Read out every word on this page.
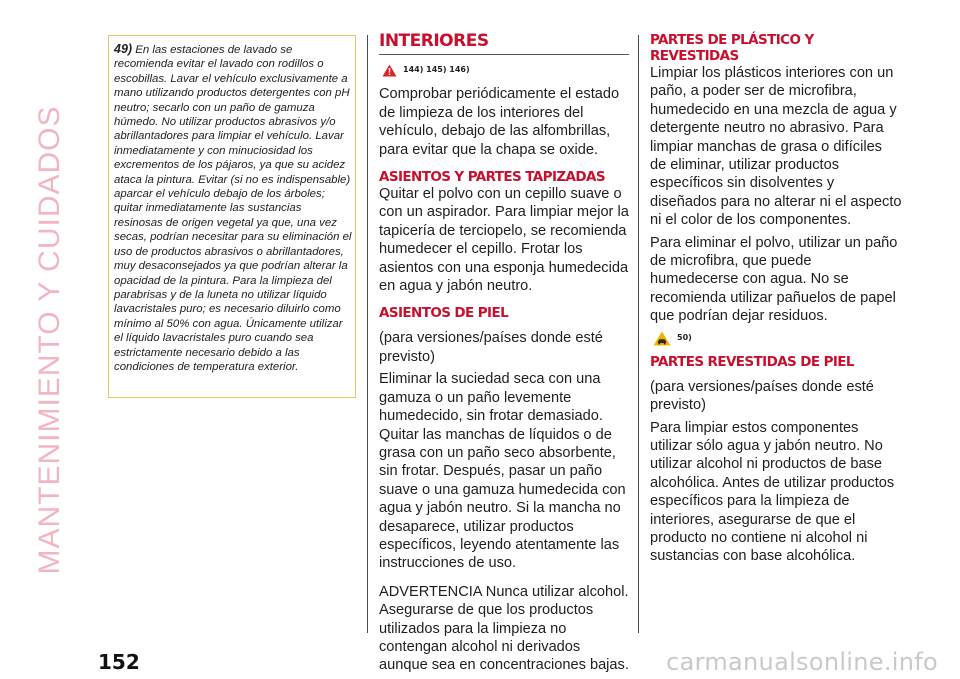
MANTENIMIENTO Y CUIDADOS
49) En las estaciones de lavado se recomienda evitar el lavado con rodillos o escobillas. Lavar el vehículo exclusivamente a mano utilizando productos detergentes con pH neutro; secarlo con un paño de gamuza húmedo. No utilizar productos abrasivos y/o abrillantadores para limpiar el vehículo. Lavar inmediatamente y con minuciosidad los excrementos de los pájaros, ya que su acidez ataca la pintura. Evitar (si no es indispensable) aparcar el vehículo debajo de los árboles; quitar inmediatamente las sustancias resinosas de origen vegetal ya que, una vez secas, podrían necesitar para su eliminación el uso de productos abrasivos o abrillantadores, muy desaconsejados ya que podrían alterar la opacidad de la pintura. Para la limpieza del parabrisas y de la luneta no utilizar líquido lavacristales puro; es necesario diluirlo como mínimo al 50% con agua. Únicamente utilizar el líquido lavacristales puro cuando sea estrictamente necesario debido a las condiciones de temperatura exterior.
INTERIORES
144) 145) 146)

Comprobar periódicamente el estado de limpieza de los interiores del vehículo, debajo de las alfombrillas, para evitar que la chapa se oxide.

ASIENTOS Y PARTES TAPIZADAS

Quitar el polvo con un cepillo suave o con un aspirador. Para limpiar mejor la tapicería de terciopelo, se recomienda humedecer el cepillo. Frotar los asientos con una esponja humedecida en agua y jabón neutro.

ASIENTOS DE PIEL

(para versiones/países donde esté previsto)

Eliminar la suciedad seca con una gamuza o un paño levemente humedecido, sin frotar demasiado. Quitar las manchas de líquidos o de grasa con un paño seco absorbente, sin frotar. Después, pasar un paño suave o una gamuza humedecida con agua y jabón neutro. Si la mancha no desaparece, utilizar productos específicos, leyendo atentamente las instrucciones de uso.

ADVERTENCIA Nunca utilizar alcohol. Asegurarse de que los productos utilizados para la limpieza no contengan alcohol ni derivados aunque sea en concentraciones bajas.

PARTES DE PLÁSTICO Y REVESTIDAS

Limpiar los plásticos interiores con un paño, a poder ser de microfibra, humedecido en una mezcla de agua y detergente neutro no abrasivo. Para limpiar manchas de grasa o difíciles de eliminar, utilizar productos específicos sin disolventes y diseñados para no alterar ni el aspecto ni el color de los componentes.

Para eliminar el polvo, utilizar un paño de microfibra, que puede humedecerse con agua. No se recomienda utilizar pañuelos de papel que podrían dejar residuos.

50)
PARTES REVESTIDAS DE PIEL

(para versiones/países donde esté previsto)

Para limpiar estos componentes utilizar sólo agua y jabón neutro. No utilizar alcohol ni productos de base alcohólica. Antes de utilizar productos específicos para la limpieza de interiores, asegurarse de que el producto no contiene ni alcohol ni sustancias con base alcohólica.

152	carmanualsonline.info
